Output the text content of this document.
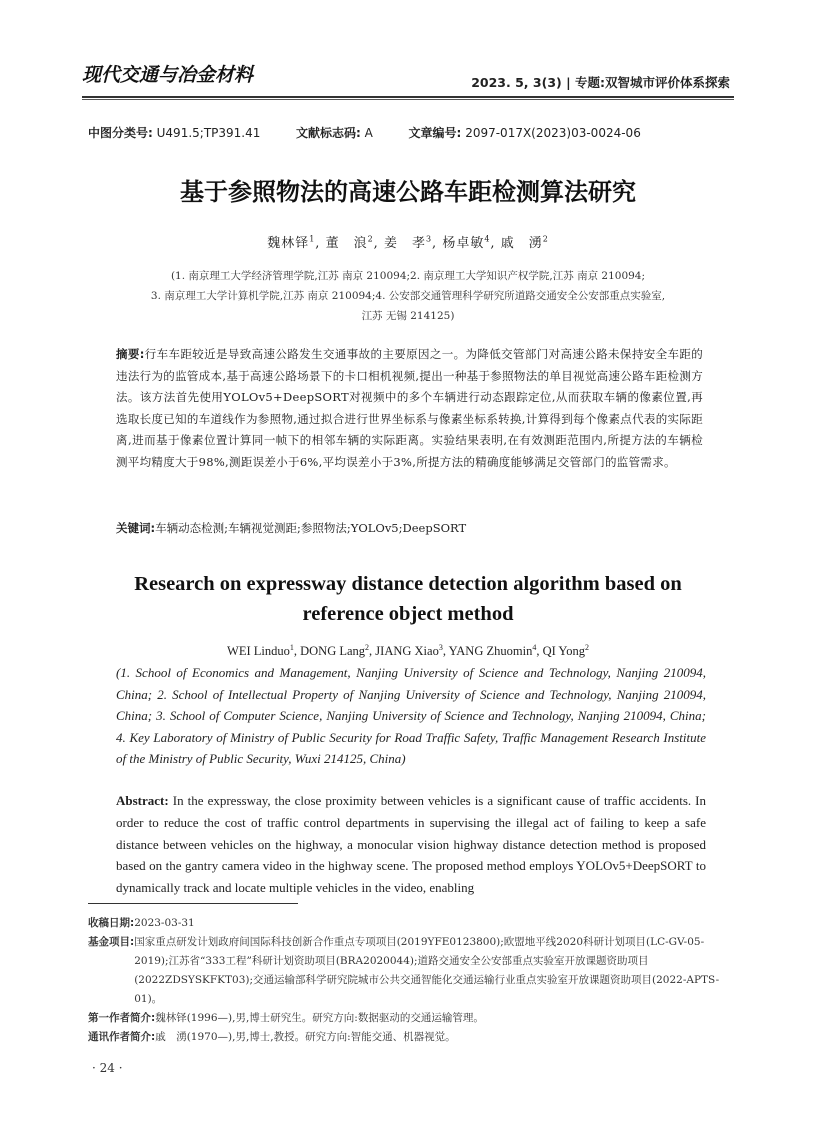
现代交通与冶金材料	2023. 5, 3(3) | 专题:双智城市评价体系探索
中图分类号: U491.5;TP391.41	文献标志码: A	文章编号: 2097-017X(2023)03-0024-06
基于参照物法的高速公路车距检测算法研究
魏林铎$^1$, 董　浪$^2$, 姜　孝$^3$, 杨卓敏$^4$, 戚　湧$^2$
(1. 南京理工大学经济管理学院,江苏 南京 210094;2. 南京理工大学知识产权学院,江苏 南京 210094;
3. 南京理工大学计算机学院,江苏 南京 210094;4. 公安部交通管理科学研究所道路交通安全公安部重点实验室,
江苏 无锡 214125)
摘要:行车车距较近是导致高速公路发生交通事故的主要原因之一。为降低交管部门对高速公路未保持安全车距的违法行为的监管成本,基于高速公路场景下的卡口相机视频,提出一种基于参照物法的单目视觉高速公路车距检测方法。该方法首先使用YOLOv5+DeepSORT对视频中的多个车辆进行动态跟踪定位,从而获取车辆的像素位置,再选取长度已知的车道线作为参照物,通过拟合进行世界坐标系与像素坐标系转换,计算得到每个像素点代表的实际距离,进而基于像素位置计算同一帧下的相邻车辆的实际距离。实验结果表明,在有效测距范围内,所提方法的车辆检测平均精度大于98%,测距误差小于6%,平均误差小于3%,所提方法的精确度能够满足交管部门的监管需求。
关键词:车辆动态检测;车辆视觉测距;参照物法;YOLOv5;DeepSORT
Research on expressway distance detection algorithm based on
reference object method
WEI Linduo$^1$, DONG Lang$^2$, JIANG Xiao$^3$, YANG Zhuomin$^4$, QI Yong$^2$
(1. School of Economics and Management, Nanjing University of Science and Technology, Nanjing 210094, China; 2. School of Intellectual Property of Nanjing University of Science and Technology, Nanjing 210094, China; 3. School of Computer Science, Nanjing University of Science and Technology, Nanjing 210094, China; 4. Key Laboratory of Ministry of Public Security for Road Traffic Safety, Traffic Management Research Institute of the Ministry of Public Security, Wuxi 214125, China)
Abstract: In the expressway, the close proximity between vehicles is a significant cause of traffic accidents. In order to reduce the cost of traffic control departments in supervising the illegal act of failing to keep a safe distance between vehicles on the highway, a monocular vision highway distance detection method is proposed based on the gantry camera video in the highway scene. The proposed method employs YOLOv5+DeepSORT to dynamically track and locate multiple vehicles in the video, enabling
收稿日期: 2023-03-31
基金项目: 国家重点研发计划政府间国际科技创新合作重点专项项目(2019YFE0123800);欧盟地平线2020科研计划项目(LC-GV-05-2019);江苏省“333工程”科研计划资助项目(BRA2020044);道路交通安全公安部重点实验室开放课题资助项目(2022ZDSYSKFKT03);交通运输部科学研究院城市公共交通智能化交通运输行业重点实验室开放课题资助项目(2022-APTS-01)。
第一作者简介: 魏林铎(1996—),男,博士研究生。研究方向:数据驱动的交通运输管理。
通讯作者简介: 戚　湧(1970—),男,博士,教授。研究方向:智能交通、机器视觉。
· 24 ·
